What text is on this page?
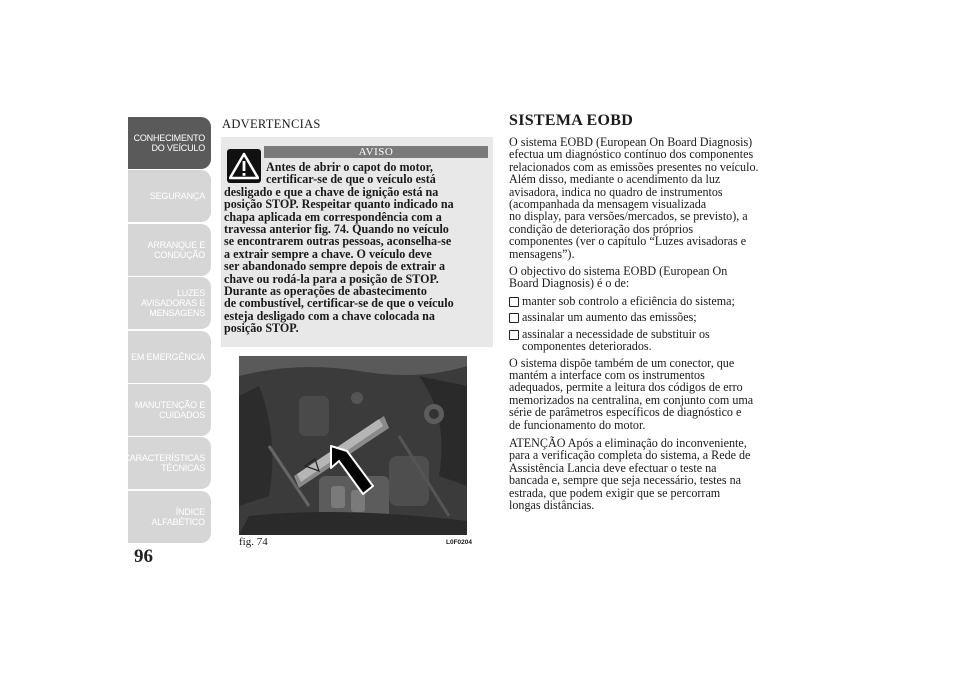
CONHECIMENTO DO VEÍCULO
SEGURANÇA
ARRANQUE E CONDUÇÃO
LUZES AVISADORAS E MENSAGENS
EM EMERGÊNCIA
MANUTENÇÃO E CUIDADOS
CARACTERÍSTICAS TÉCNICAS
ÍNDICE ALFABÉTICO
96
ADVERTENCIAS
AVISO
Antes de abrir o capot do motor,
certificar-se de que o veículo está
desligado e que a chave de ignição está na
posição STOP. Respeitar quanto indicado na
chapa aplicada em correspondência com a
travessa anterior fig. 74. Quando no veículo
se encontrarem outras pessoas, aconselha-se
a extrair sempre a chave. O veículo deve
ser abandonado sempre depois de extrair a
chave ou rodá-la para a posição de STOP.
Durante as operações de abastecimento
de combustível, certificar-se de que o veículo
esteja desligado com a chave colocada na
posição STOP.
fig. 74	L0F0204
SISTEMA EOBD

O sistema EOBD (European On Board Diagnosis)
efectua um diagnóstico contínuo dos componentes
relacionados com as emissões presentes no veículo.
Além disso, mediante o acendimento da luz
avisadora, indica no quadro de instrumentos
(acompanhada da mensagem visualizada
no display, para versões/mercados, se previsto), a
condição de deterioração dos próprios
componentes (ver o capítulo “Luzes avisadoras e
mensagens”).

O objectivo do sistema EOBD (European On
Board Diagnosis) é o de:

manter sob controlo a eficiência do sistema;
assinalar um aumento das emissões;
assinalar a necessidade de substituir os
componentes deteriorados.

O sistema dispõe também de um conector, que
mantém a interface com os instrumentos
adequados, permite a leitura dos códigos de erro
memorizados na centralina, em conjunto com uma
série de parâmetros específicos de diagnóstico e
de funcionamento do motor.

ATENÇÃO Após a eliminação do inconveniente,
para a verificação completa do sistema, a Rede de
Assistência Lancia deve efectuar o teste na
bancada e, sempre que seja necessário, testes na
estrada, que podem exigir que se percorram
longas distâncias.
